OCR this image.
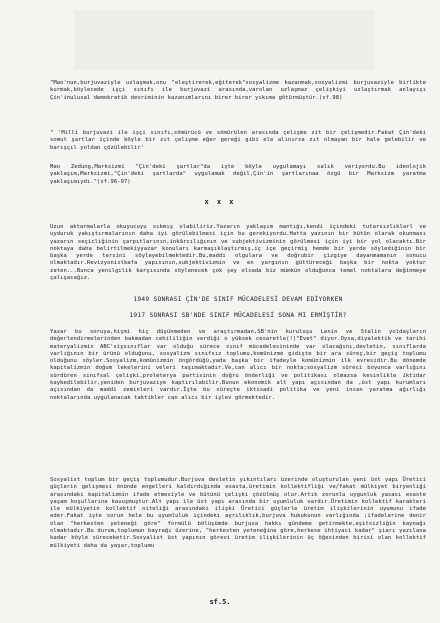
"Mao'nun,burjuvaziyle uzlaşmak,onu "eleştirerek,eğiterek"sosyalizme kazanmak,sosyalizmi burjuvaziyle birlikte kurmak,böylecede işçi sınıfı ile burjuvazi arasında,varolan uzlaşmaz çelişkiyi uzlaştırmak anlayışı Çin'inulusal demokratik devriminin kazanımlarını birer birer yıkıma götürmüştür.(sf.98)

" 'Milli burjuvazi ile işçi sınıfı,sömürücü ve sömürülen arasında çelişme zit bir çelişmedir.Fakat Çin'deki somut şartlar içinde böyle bir zıt çelişme eğer gereği gibi ele alınırsa zıt olmayan bir hale gelebilir ve barışçıl yoldan çözülebilir'

Mao Zedung,Marksizmi "Çin'deki şartlar"da işte böyle uygulamayı salık veriyordu.Bu ideolojik yaklaşım,Marksizmi,"Çin'deki şartlarda" uygulamak değil,Çin'in şartlarınaa özgü bir Marksizm yaratma yaklaşımıydı."(sf.96-97)

x x x

Uzun aktarmalarla okuyucuyu sıkmış olabiliriz.Yazarın yaklaşım mantığı,kendi içindeki tutarsızlıklarl ve uyduruk yakıştırmalarının daha iyi görülebilmesi için bu gerekiyordu.Hatta yazının bir bütün olarak okunması yazarın seçicliğinin çarpıtlarının,inkârcılığının ve subjektivizminin görülmesi için iyi bir yol olacaktı.Bir noktaya daha belirtilmekiyyazar konuları karmaşıklaştırmış,iç içe geçirmiş hemde bir yerde söylediğinin bir başka yerde tersini söyleyebilmektedir.Bu,maddi olgulara ve doğrubir çizgiye dayanmamanın sonucu olmaktadır.Revizyonistkafa yapısının,subjektivizmin ve en yargının güttüreceği başka bir nokta yoktur zaten...Bunca yenilgilik karşısında söylenecek çok şey olsada biz mümkün olduğunca temel noktalara değinmeye çalışacağız.

1949 SONRASI ÇİN'DE SINIF MÜCADELESİ DEVAM EDİYORKEN
1917 SONRASI SB'NDE SINIF MÜCADELESİ SONA MI ERMİŞTİR?

Yazar bu soruya,hiçmi hiç düşünmeden ve araştırmadan,SB'nin kuruluşu Lenin ve Stalin yoldaşların değerlendirmelerinden bakmadan cehililiğin verdiği o yüksek cesaretle(!)"Evet" diyor.Oysa,diyalektik ve tarihi materyalizmin ABC'sişsınıflar var olduğu sürece sınıf mücadelesininde var olacağını,devletin, sınıflarda varlığının bir ürünü olduğunu, sosyalizm sınıfsız toplumu,komünizme gidişte bir ara süreç,bir geçiş toplumu olduğunu söyler.Sosyalizm,komünizmin öngördüğü,yada başka bir ifadeyle komünizmin ilk evresidir.Bu dönemde kapitalizmin doğum lekelerini veleri taşımaktadır.Ve,can alıcı bir nokta;sosyalizm süreci boyunca varlığını sürdüren sınıfsal çelişki,proleterya partisinin doğru önderliği ve politikası olmazsa kesinlikle iktidar kaybedilebilir,yeniden burjuvaziye kaptırılabilir.Bunun ekonomik alt yapı açısından da ,üst yapı kurumları açısından da maddi zeminleri vardır.İşte bu süreçte iktisadi politika ve yeni insan yaratma ağırlığı noktalarında uygulanacak taktikler can alıcı bir işlev görmektedir.

Sosyalist toplum bir geçiş toplumudur.Burjuva devletin yıkıntıları üzerinde oluşturulan yeni üst yapı Üretici güçlerin gelişmesi önünde engelleri kaldırdığında esasta,üretimin kollektifliği ve/fakat mülkiyet biryenliği arasındaki kapitalizmin ifade etmesiyle ve bütünü çelişki çözülmüş olur.Artık zorunlu uygunluk yasası esaste yaşam koşullarına kavuşmuştur.Alt yapı ile üst yapı arasında bir uyumluluk vardır.Üretimin kollektif karakteri ile mülkiyetin kollektif niteliği arasındaki ilişki Üretici güçlerle üretim ilişkilerinin uyumunu ifade eder.Fakat işte sorun hele bu uyumluluk içindeki ayrılıklık,burjuva hukukunun varlığında ;ifadelerine denir olan "herkesten yeteneği göre" formülü bölüşümde burjuva hakkı gündeme getirmekte,eşitsizliğin kaynağı olmaktadır.Bu durum,toplumun bayrağı üzerine, "herkesten yeteneğine göre,herkese ihtiyaci kadar" şiarı yazılana kadar böyle süreceketir.Sosyalist üst yapının görevi üretim ilişkilerinin üç öğesinden birisi olan kollektif mülkiyeti daha da yaşar,toplumu

sf.5.
